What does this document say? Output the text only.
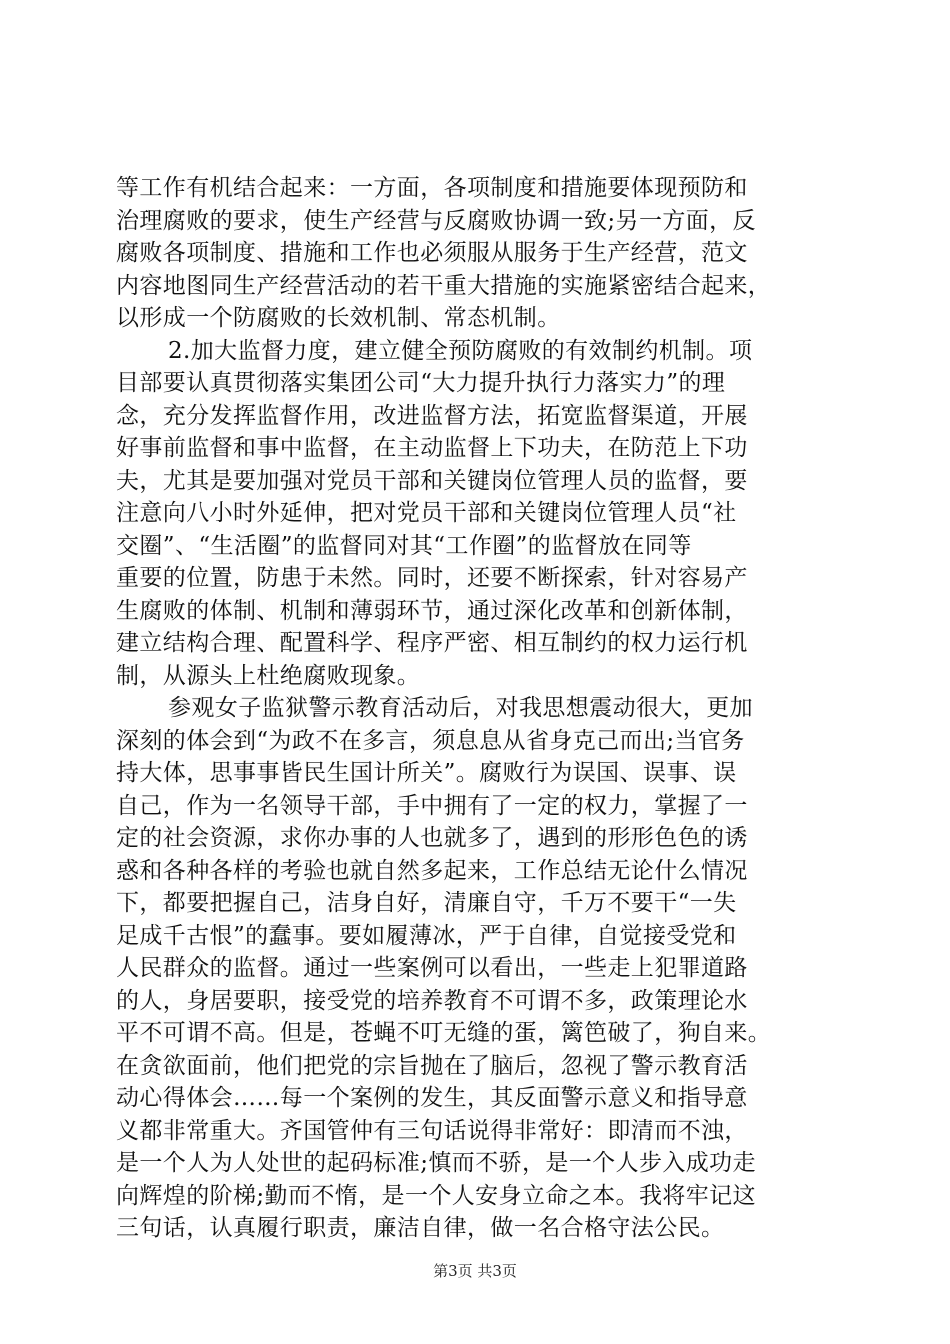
等工作有机结合起来：一方面，各项制度和措施要体现预防和
治理腐败的要求，使生产经营与反腐败协调一致;另一方面，反
腐败各项制度、措施和工作也必须服从服务于生产经营，范文
内容地图同生产经营活动的若干重大措施的实施紧密结合起来，
以形成一个防腐败的长效机制、常态机制。
2.加大监督力度，建立健全预防腐败的有效制约机制。项
目部要认真贯彻落实集团公司“大力提升执行力落实力”的理
念，充分发挥监督作用，改进监督方法，拓宽监督渠道，开展
好事前监督和事中监督，在主动监督上下功夫，在防范上下功
夫，尤其是要加强对党员干部和关键岗位管理人员的监督，要
注意向八小时外延伸，把对党员干部和关键岗位管理人员“社
交圈”、“生活圈”的监督同对其“工作圈”的监督放在同等
重要的位置，防患于未然。同时，还要不断探索，针对容易产
生腐败的体制、机制和薄弱环节，通过深化改革和创新体制，
建立结构合理、配置科学、程序严密、相互制约的权力运行机
制，从源头上杜绝腐败现象。
参观女子监狱警示教育活动后，对我思想震动很大，更加
深刻的体会到“为政不在多言，须息息从省身克己而出;当官务
持大体，思事事皆民生国计所关”。腐败行为误国、误事、误
自己，作为一名领导干部，手中拥有了一定的权力，掌握了一
定的社会资源，求你办事的人也就多了，遇到的形形色色的诱
惑和各种各样的考验也就自然多起来，工作总结无论什么情况
下，都要把握自己，洁身自好，清廉自守，千万不要干“一失
足成千古恨”的蠢事。要如履薄冰，严于自律，自觉接受党和
人民群众的监督。通过一些案例可以看出，一些走上犯罪道路
的人，身居要职，接受党的培养教育不可谓不多，政策理论水
平不可谓不高。但是，苍蝇不叮无缝的蛋，篱笆破了，狗自来。
在贪欲面前，他们把党的宗旨抛在了脑后，忽视了警示教育活
动心得体会……每一个案例的发生，其反面警示意义和指导意
义都非常重大。齐国管仲有三句话说得非常好：即清而不浊，
是一个人为人处世的起码标准;慎而不骄，是一个人步入成功走
向辉煌的阶梯;勤而不惰，是一个人安身立命之本。我将牢记这
三句话，认真履行职责，廉洁自律，做一名合格守法公民。
第3页 共3页
